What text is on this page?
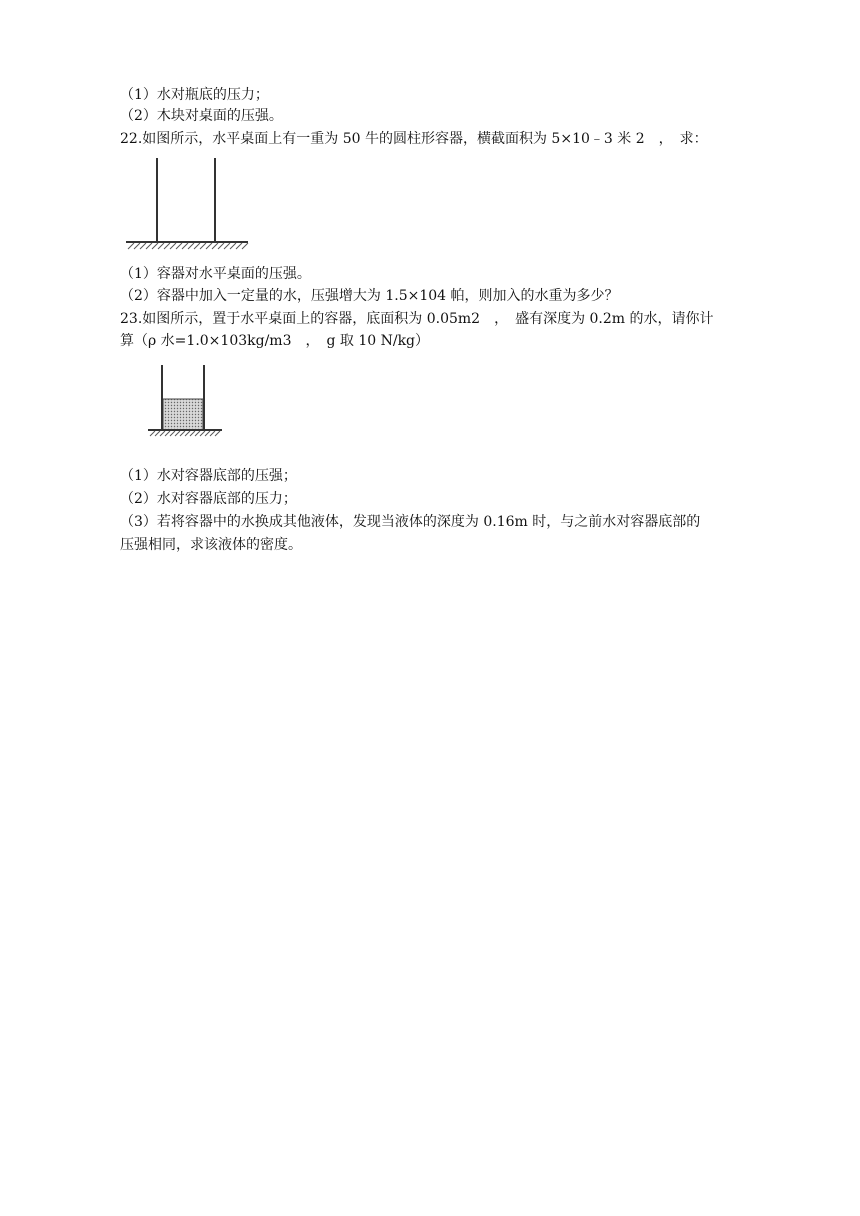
（1）水对瓶底的压力；
（2）木块对桌面的压强。
22.如图所示，水平桌面上有一重为 50 牛的圆柱形容器，横截面积为 5×10﹣3 米 2　，　求：
（1）容器对水平桌面的压强。
（2）容器中加入一定量的水，压强增大为 1.5×104 帕，则加入的水重为多少？
23.如图所示，置于水平桌面上的容器，底面积为 0.05m2　，　盛有深度为 0.2m 的水，请你计
算（ρ 水=1.0×103kg/m3　，　g 取 10 N/kg）
（1）水对容器底部的压强；
（2）水对容器底部的压力；
（3）若将容器中的水换成其他液体，发现当液体的深度为 0.16m 时，与之前水对容器底部的
压强相同，求该液体的密度。
